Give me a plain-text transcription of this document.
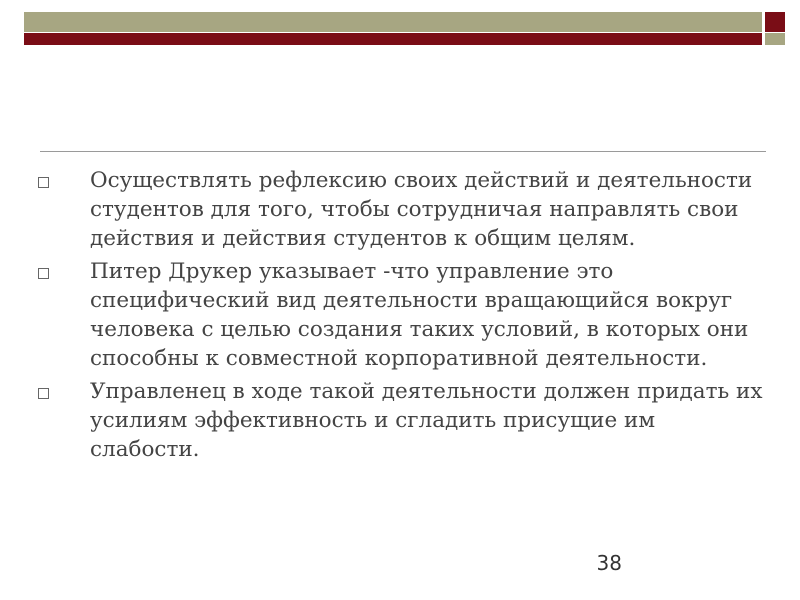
Осуществлять рефлексию своих действий и деятельности студентов для того, чтобы сотрудничая направлять свои действия и действия студентов к общим целям.
Питер Друкер указывает -что управление это специфический вид деятельности вращающийся вокруг человека с целью создания таких условий, в которых они способны к совместной корпоративной деятельности.
Управленец в ходе такой деятельности должен придать их усилиям эффективность и сгладить присущие им слабости.
38
